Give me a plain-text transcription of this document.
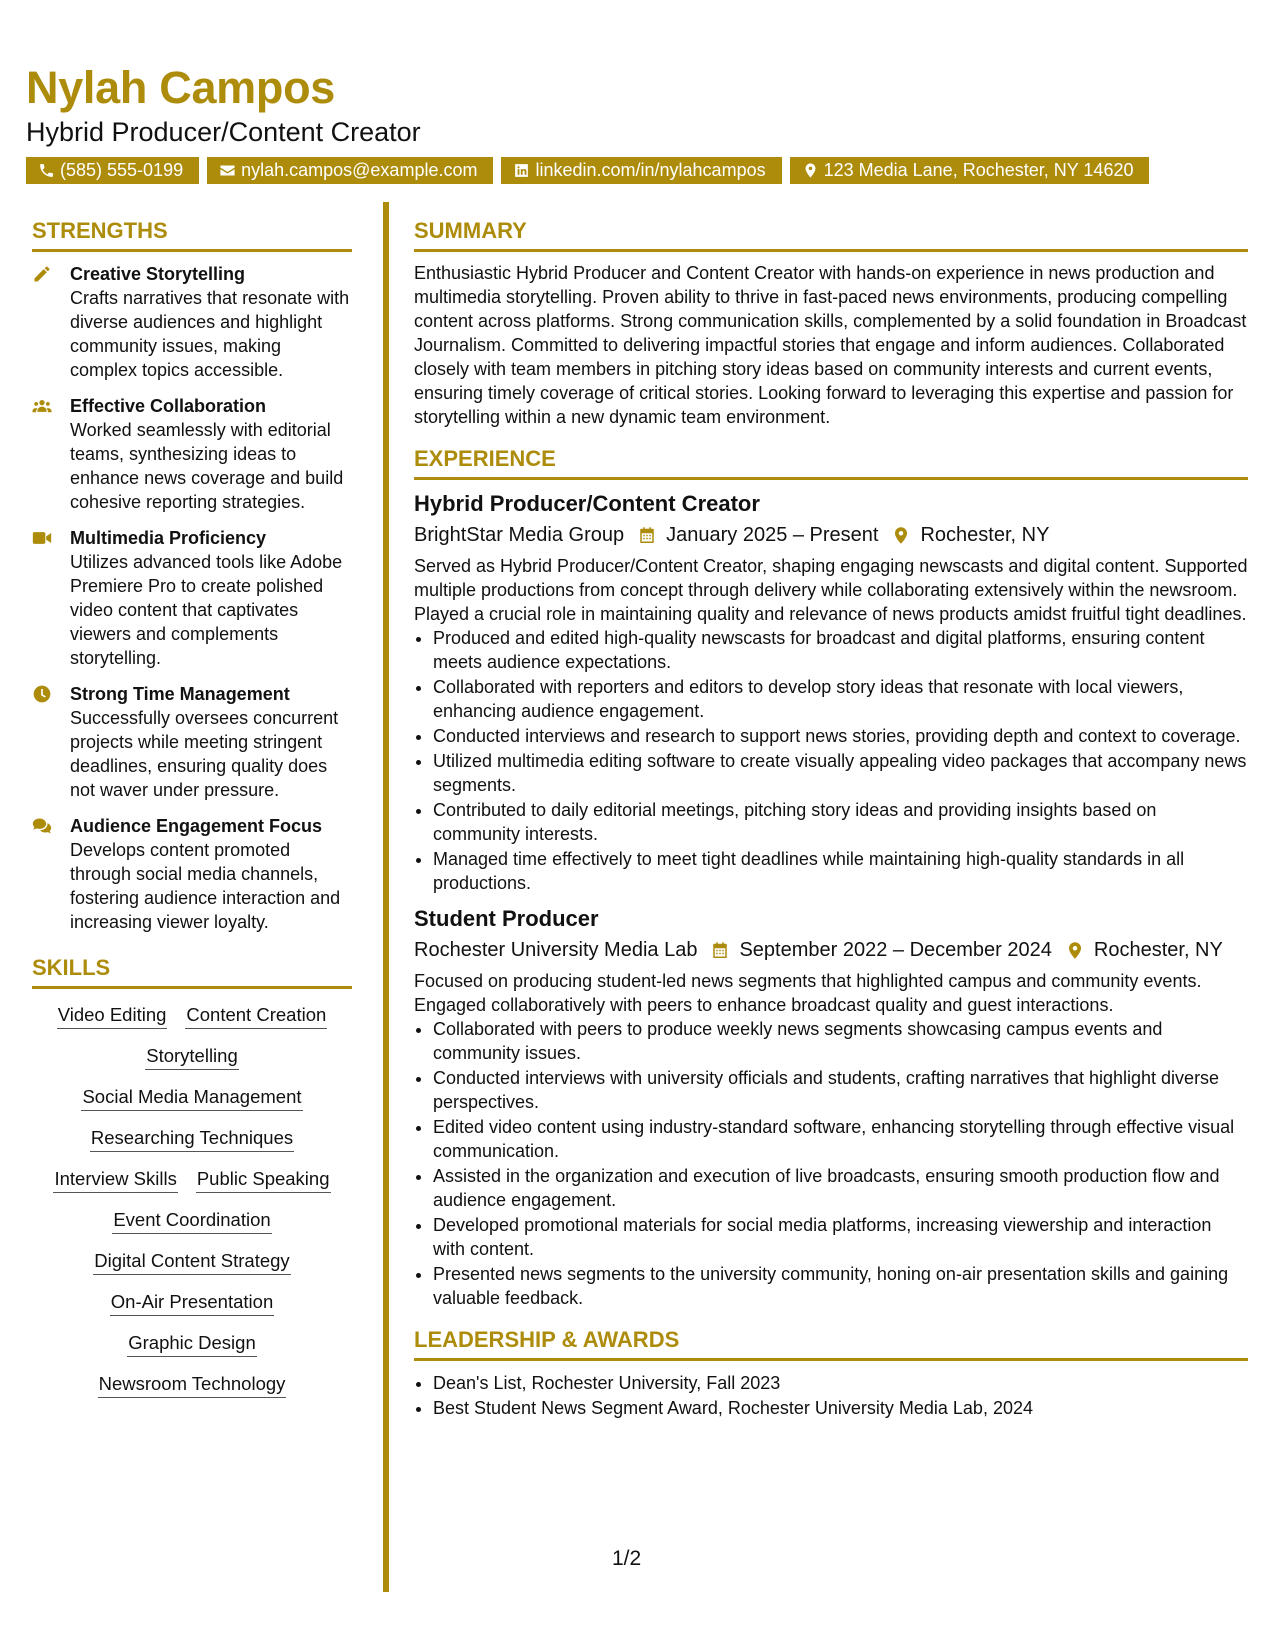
Nylah Campos
Hybrid Producer/Content Creator
(585) 555-0199	nylah.campos@example.com	linkedin.com/in/nylahcampos	123 Media Lane, Rochester, NY 14620
STRENGTHS
Creative Storytelling
Crafts narratives that resonate with diverse audiences and highlight community issues, making complex topics accessible.
Effective Collaboration
Worked seamlessly with editorial teams, synthesizing ideas to enhance news coverage and build cohesive reporting strategies.
Multimedia Proficiency
Utilizes advanced tools like Adobe Premiere Pro to create polished video content that captivates viewers and complements storytelling.
Strong Time Management
Successfully oversees concurrent projects while meeting stringent deadlines, ensuring quality does not waver under pressure.
Audience Engagement Focus
Develops content promoted through social media channels, fostering audience interaction and increasing viewer loyalty.
SKILLS
Video Editing Content Creation
Storytelling
Social Media Management
Researching Techniques
Interview Skills Public Speaking
Event Coordination
Digital Content Strategy
On-Air Presentation
Graphic Design
Newsroom Technology
SUMMARY
Enthusiastic Hybrid Producer and Content Creator with hands-on experience in news production and multimedia storytelling. Proven ability to thrive in fast-paced news environments, producing compelling content across platforms. Strong communication skills, complemented by a solid foundation in Broadcast Journalism. Committed to delivering impactful stories that engage and inform audiences. Collaborated closely with team members in pitching story ideas based on community interests and current events, ensuring timely coverage of critical stories. Looking forward to leveraging this expertise and passion for storytelling within a new dynamic team environment.
EXPERIENCE
Hybrid Producer/Content Creator
BrightStar Media Group January 2025 – Present Rochester, NY
Served as Hybrid Producer/Content Creator, shaping engaging newscasts and digital content. Supported multiple productions from concept through delivery while collaborating extensively within the newsroom. Played a crucial role in maintaining quality and relevance of news products amidst fruitful tight deadlines.
• Produced and edited high-quality newscasts for broadcast and digital platforms, ensuring content meets audience expectations.
• Collaborated with reporters and editors to develop story ideas that resonate with local viewers, enhancing audience engagement.
• Conducted interviews and research to support news stories, providing depth and context to coverage.
• Utilized multimedia editing software to create visually appealing video packages that accompany news segments.
• Contributed to daily editorial meetings, pitching story ideas and providing insights based on community interests.
• Managed time effectively to meet tight deadlines while maintaining high-quality standards in all productions.
Student Producer
Rochester University Media Lab September 2022 – December 2024 Rochester, NY
Focused on producing student-led news segments that highlighted campus and community events. Engaged collaboratively with peers to enhance broadcast quality and guest interactions.
• Collaborated with peers to produce weekly news segments showcasing campus events and community issues.
• Conducted interviews with university officials and students, crafting narratives that highlight diverse perspectives.
• Edited video content using industry-standard software, enhancing storytelling through effective visual communication.
• Assisted in the organization and execution of live broadcasts, ensuring smooth production flow and audience engagement.
• Developed promotional materials for social media platforms, increasing viewership and interaction with content.
• Presented news segments to the university community, honing on-air presentation skills and gaining valuable feedback.
LEADERSHIP & AWARDS
• Dean's List, Rochester University, Fall 2023
• Best Student News Segment Award, Rochester University Media Lab, 2024
1/2
